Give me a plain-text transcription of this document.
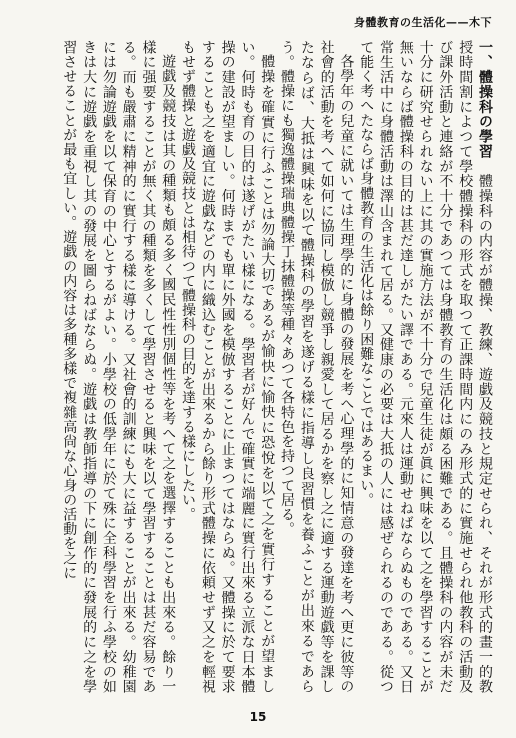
身體教育の生活化——木下

一、體操科の學習　體操科の内容が體操、教練、遊戯及競技と規定せられ、それが形式的畫一的教授時間割によつて學校體操科の形式を取つて正課時間内にのみ形式的に實施せられ他教科の活動及び課外活動と連絡が不十分であつては身體教育の生活化は頗る困難である。且體操科の内容が未だ十分に研究せられない上に其の實施方法が不十分で兒童生徒が眞に興味を以て之を學習することが無いならば體操科の目的は甚だ達しがたい譯である。元來人は運動せねばならぬものである。又日常生活中に身體活動は澤山含まれて居る。又健康の必要は大抵の人には感ぜられるのである。從つて能く考へたならば身體教育の生活化は餘り困難なことではあるまい。

各學年の兒童に就いては生理學的に身體の發展を考へ心理學的に知情意の發達を考へ更に彼等の社會的活動を考へて如何に協同し模倣し競爭し親愛して居るかを察し之に適する運動遊戯等を課したならば、大抵は興味を以て體操科の學習を遂げる樣に指導し良習慣を養ふことが出來るであらう。體操にも獨逸體操瑞典體操丁抹體操等種々あつて各特色を持つて居る。

體操を確實に行ふことは勿論大切であるが愉快に愉快に恐悅を以て之を實行することが望ましい。何時も育の目的は遂げがたい樣になる。學習者が好んで確實に端麗に實行出來る立派な日本體操の建設が望ましい。何時までも單に外國を模倣することに止まつてはならぬ。又體操に於て要求することも之を適宜に遊戯などの内に織込むことが出來るから餘り形式體操に依頼せず又之を輕視もせず體操と遊戯及競技とは相待つて體操科の目的を達する樣にしたい。

遊戯及競技は其の種類も頗る多く國民性性別個性等を考へて之を選擇することも出來る。餘り一樣に强要することが無く其の種類を多くして學習させると興味を以て學習することは甚だ容易である。而も嚴肅に精神的に實行する樣に導ける。又社會的訓練にも大に益することが出來る。幼稚園には勿論遊戯を以て保育の中心とするがよい。小學校の低學年に於て殊に全科學習を行ふ學校の如きは大に遊戯を重視し其の發展を圖らねばならぬ。遊戯は教師指導の下に創作的に發展的に之を學習させることが最も宜しい。遊戯の内容は多種多樣で複雜高尙な心身の活動を之に

15
